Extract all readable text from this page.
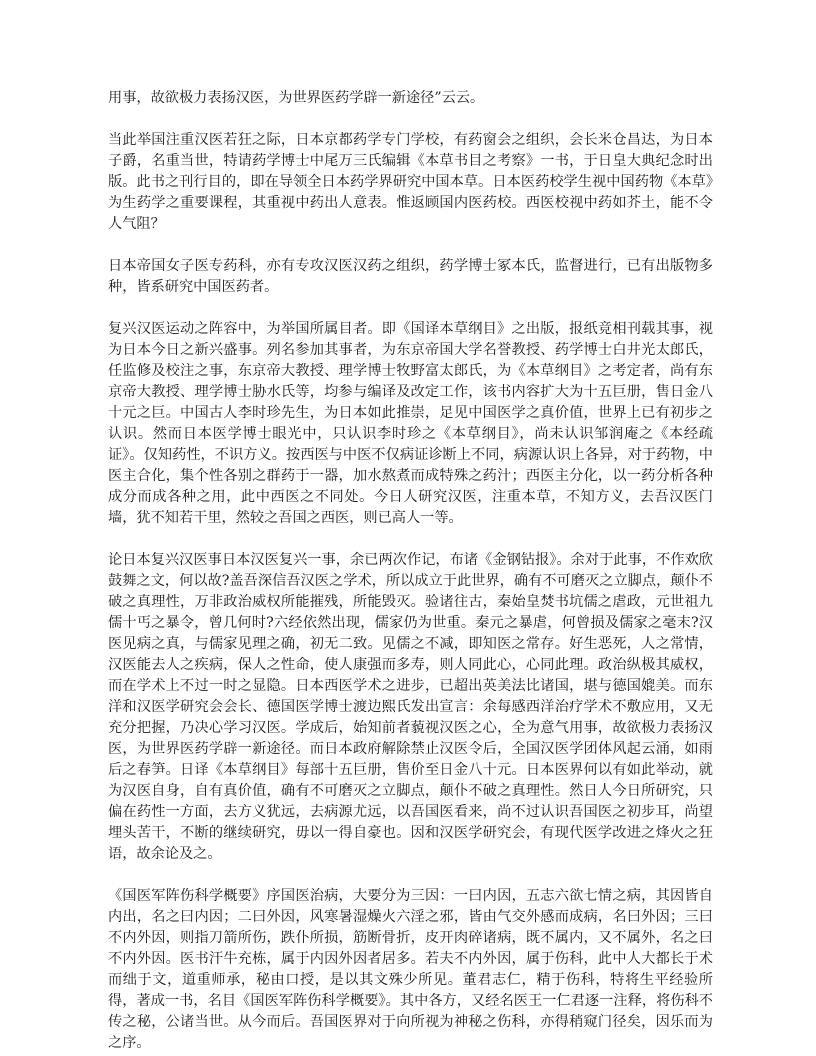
用事，故欲极力表扬汉医，为世界医药学辟一新途径”云云。

当此举国注重汉医若狂之际，日本京都药学专门学校，有药窗会之组织，会长米仓昌达，为日本子爵，名重当世，特请药学博士中尾万三氏编辑《本草书目之考察》一书，于日皇大典纪念时出版。此书之刊行目的，即在导领全日本药学界研究中国本草。日本医药校学生视中国药物《本草》为生药学之重要课程，其重视中药出人意表。惟返顾国内医药校。西医校视中药如芥土，能不令人气阻？

日本帝国女子医专药科，亦有专攻汉医汉药之组织，药学博士冢本氏，监督进行，已有出版物多种，皆系研究中国医药者。

复兴汉医运动之阵容中，为举国所属目者。即《国译本草纲目》之出版，报纸竞相刊载其事，视为日本今日之新兴盛事。列名参加其事者，为东京帝国大学名誉教授、药学博士白井光太郎氏，任监修及校注之事，东京帝大教授、理学博士牧野富太郎氏，为《本草纲目》之考定者，尚有东京帝大教授、理学博士胁水氏等，均参与编译及改定工作，该书内容扩大为十五巨册，售日金八十元之巨。中国古人李时珍先生，为日本如此推崇，足见中国医学之真价值，世界上已有初步之认识。然而日本医学博士眼光中，只认识李时珍之《本草纲目》，尚未认识邹润庵之《本经疏证》。仅知药性，不识方义。按西医与中医不仅病证诊断上不同，病源认识上各异，对于药物，中医主合化，集个性各别之群药于一器，加水熬煮而成特殊之药汁；西医主分化，以一药分析各种成分而成各种之用，此中西医之不同处。今日人研究汉医，注重本草，不知方义，去吾汉医门墙，犹不知若干里，然较之吾国之西医，则已高人一等。

论日本复兴汉医事日本汉医复兴一事，余已两次作记，布诸《金钢钻报》。余对于此事，不作欢欣鼓舞之文，何以故?盖吾深信吾汉医之学术，所以成立于此世界，确有不可磨灭之立脚点，颠仆不破之真理性，万非政治威权所能摧残，所能毁灭。验诸往古，秦始皇焚书坑儒之虐政，元世祖九儒十丐之暴令，曾几何时?六经依然出现，儒家仍为世重。秦元之暴虐，何曾损及儒家之毫末?汉医见病之真，与儒家见理之确，初无二致。见儒之不减，即知医之常存。好生恶死，人之常情，汉医能去人之疾病，保人之性命，使人康强而多寿，则人同此心，心同此理。政治纵极其威权，而在学术上不过一时之显隐。日本西医学术之进步，已超出英美法比诸国，堪与德国媲美。而东洋和汉医学研究会会长、德国医学博士渡边熙氏发出宣言：余每感西洋治疗学术不敷应用，又无充分把握，乃决心学习汉医。学成后，始知前者藐视汉医之心，全为意气用事，故欲极力表扬汉医，为世界医药学辟一新途径。而日本政府解除禁止汉医令后，全国汉医学团体风起云涌，如雨后之春笋。日译《本草纲目》每部十五巨册，售价至日金八十元。日本医界何以有如此举动，就为汉医自身，自有真价值，确有不可磨灭之立脚点，颠仆不破之真理性。然日人今日所研究，只偏在药性一方面，去方义犹远，去病源尤远，以吾国医看来，尚不过认识吾国医之初步耳，尚望埋头苦干，不断的继续研究，毋以一得自豪也。因和汉医学研究会，有现代医学改进之烽火之狂语，故余论及之。

《国医军阵伤科学概要》序国医治病，大要分为三因：一曰内因，五志六欲七情之病，其因皆自内出，名之曰内因；二曰外因，风寒暑湿燥火六淫之邪，皆由气交外感而成病，名曰外因；三曰不内外因，则指刀箭所伤，跌仆所损，筋断骨折，皮开肉碎诸病，既不属内，又不属外，名之曰不内外因。医书汗牛充栋，属于内因外因者居多。若夫不内外因，属于伤科，此中人大都长于术而绌于文，道重师承，秘由口授，是以其文殊少所见。董君志仁，精于伤科，特将生平经验所得，著成一书，名目《国医军阵伤科学概要》。其中各方，又经名医王一仁君逐一注释，将伤科不传之秘，公诸当世。从今而后。吾国医界对于向所视为神秘之伤科，亦得稍窥门径矣，因乐而为之序。
